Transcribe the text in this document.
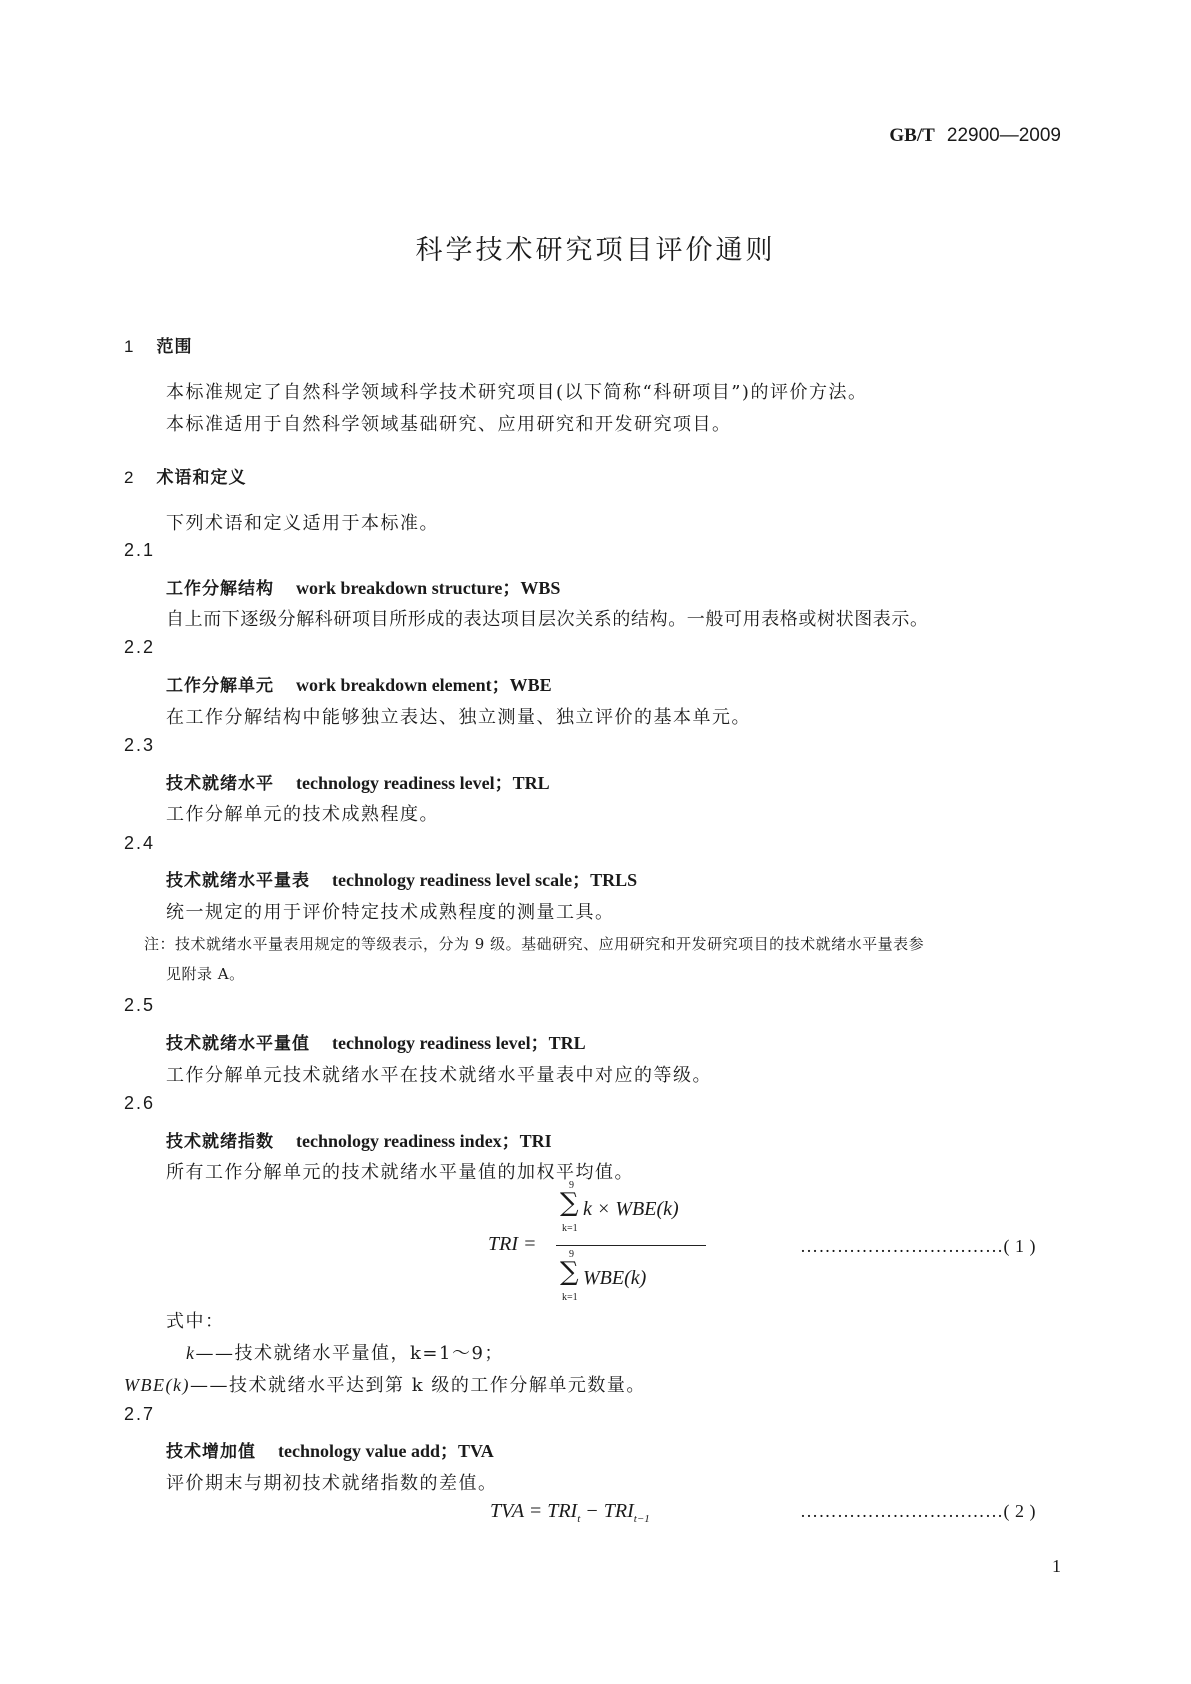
GB/T 22900—2009
科学技术研究项目评价通则
1 范围
本标准规定了自然科学领域科学技术研究项目(以下简称“科研项目”)的评价方法。
本标准适用于自然科学领域基础研究、应用研究和开发研究项目。
2 术语和定义
下列术语和定义适用于本标准。
2.1
工作分解结构 work breakdown structure；WBS
自上而下逐级分解科研项目所形成的表达项目层次关系的结构。一般可用表格或树状图表示。
2.2
工作分解单元 work breakdown element；WBE
在工作分解结构中能够独立表达、独立测量、独立评价的基本单元。
2.3
技术就绪水平 technology readiness level；TRL
工作分解单元的技术成熟程度。
2.4
技术就绪水平量表 technology readiness level scale；TRLS
统一规定的用于评价特定技术成熟程度的测量工具。
注：技术就绪水平量表用规定的等级表示，分为 9 级。基础研究、应用研究和开发研究项目的技术就绪水平量表参
见附录 A。
2.5
技术就绪水平量值 technology readiness level；TRL
工作分解单元技术就绪水平在技术就绪水平量表中对应的等级。
2.6
技术就绪指数 technology readiness index；TRI
所有工作分解单元的技术就绪水平量值的加权平均值。
TRI =
9
∑
k=1
k × WBE(k)
9
∑
k=1
WBE(k)
……………………………( 1 )
式中：
k——技术就绪水平量值，k=1～9；
WBE(k)——技术就绪水平达到第 k 级的工作分解单元数量。
2.7
技术增加值 technology value add；TVA
评价期末与期初技术就绪指数的差值。
TVA = $TRI_t - TRI_{t-1}$	……………………………( 2 )
1
